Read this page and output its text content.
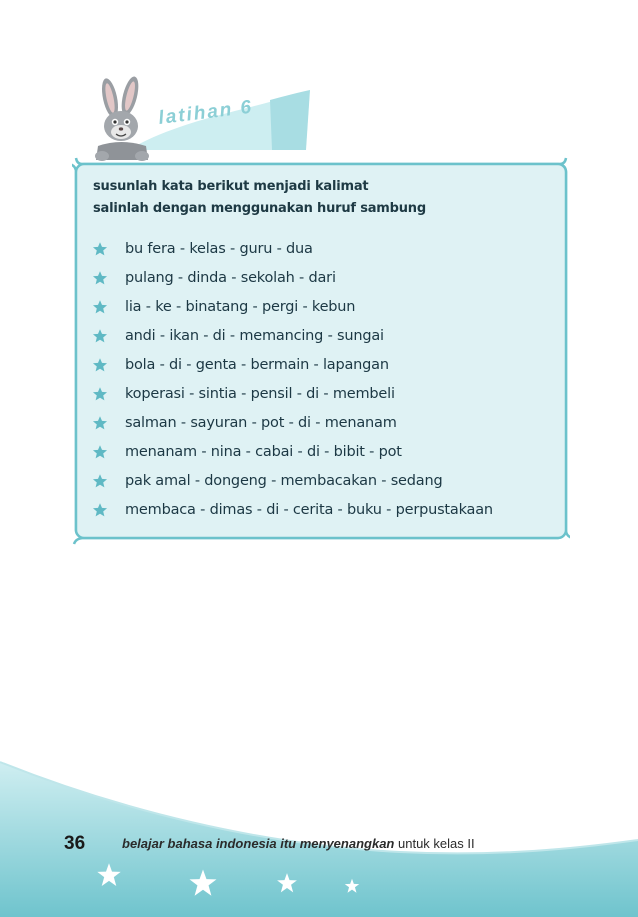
latihan 6
susunlah kata berikut menjadi kalimat
salinlah dengan menggunakan huruf sambung
bu fera - kelas - guru - dua
pulang - dinda - sekolah - dari
lia - ke - binatang - pergi - kebun
andi - ikan - di - memancing - sungai
bola - di - genta - bermain - lapangan
koperasi - sintia - pensil - di - membeli
salman - sayuran - pot - di - menanam
menanam - nina - cabai - di - bibit - pot
pak amal - dongeng - membacakan - sedang
membaca - dimas - di - cerita - buku - perpustakaan
36	belajar bahasa indonesia itu menyenangkan untuk kelas II
